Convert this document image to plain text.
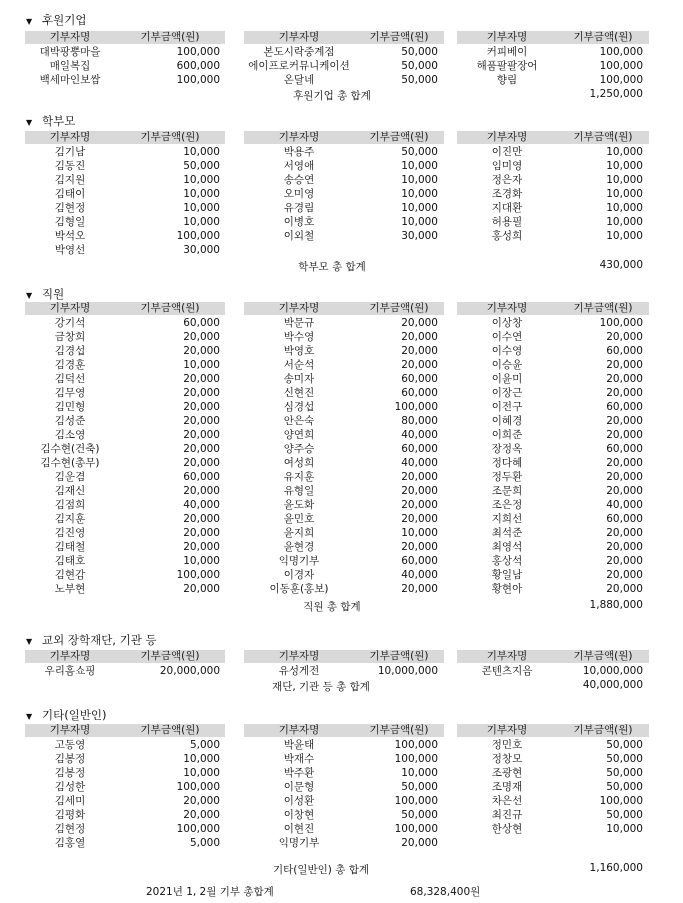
▼ 후원기업
기부자명	기부금액(원)
대박팡뿡마을	100,000
매일복집	600,000
백세마인보쌈	100,000
기부자명	기부금액(원)
본도시락중계점	50,000
에이프로커뮤니케이션	50,000
온달네	50,000
기부자명	기부금액(원)
커피베이	100,000
해품팔팔장어	100,000
향림	100,000
후원기업 총 합계	1,250,000
▼ 학부모
기부자명	기부금액(원)
김기남	10,000
김동진	50,000
김지원	10,000
김태이	10,000
김현정	10,000
김형일	10,000
박석오	100,000
박영선	30,000
기부자명	기부금액(원)
박용주	50,000
서영애	10,000
송승연	10,000
오미영	10,000
유경림	10,000
이병호	10,000
이외철	30,000
기부자명	기부금액(원)
이진만	10,000
임미영	10,000
정은자	10,000
조경화	10,000
지대환	10,000
허용필	10,000
홍성희	10,000
학부모 총 합계	430,000
▼ 직원
기부자명	기부금액(원)
강기석	60,000
금창희	20,000
김경섭	20,000
김경훈	10,000
김덕선	20,000
김무영	20,000
김민형	20,000
김성준	20,000
김소영	20,000
김수현(건축)	20,000
김수현(총무)	20,000
김운겸	60,000
김재신	20,000
김점희	40,000
김지훈	20,000
김진영	20,000
김태철	20,000
김태호	10,000
김현감	100,000
노부현	20,000
기부자명	기부금액(원)
박문규	20,000
박수영	20,000
박영호	20,000
서순석	20,000
송미자	60,000
신현진	60,000
심경섭	100,000
안은숙	80,000
양연희	40,000
양주승	60,000
여성희	40,000
유지훈	20,000
유형일	20,000
윤도화	20,000
윤민호	20,000
윤지희	10,000
윤현경	20,000
익명기부	60,000
이경자	40,000
이동훈(홍보)	20,000
기부자명	기부금액(원)
이상창	100,000
이수연	20,000
이수영	60,000
이승윤	20,000
이윤미	20,000
이장근	20,000
이전구	60,000
이혜경	20,000
이희준	20,000
장정옥	60,000
정다혜	20,000
정두환	20,000
조문희	20,000
조은정	40,000
지희선	60,000
최석준	20,000
최영석	20,000
홍상석	20,000
황일남	20,000
황현아	20,000
직원 총 합계	1,880,000
▼ 교외 장학재단, 기관 등
기부자명	기부금액(원)
우리홈쇼핑	20,000,000
기부자명	기부금액(원)
유성게전	10,000,000
기부자명	기부금액(원)
콘텐츠지음	10,000,000
재단, 기관 등 총 합계	40,000,000
▼ 기타(일반인)
기부자명	기부금액(원)
고동영	5,000
김봉정	10,000
김봉정	10,000
김성한	100,000
김세미	20,000
김평화	20,000
김현정	100,000
김홍열	5,000
기부자명	기부금액(원)
박윤태	100,000
박재수	100,000
박주환	10,000
이문형	50,000
이성환	100,000
이창현	50,000
이현진	100,000
익명기부	20,000
기부자명	기부금액(원)
정민호	50,000
정창모	50,000
조광현	50,000
조명재	50,000
차은선	100,000
최진규	50,000
한상현	10,000
기타(일반인) 총 합계	1,160,000
2021년 1, 2월 기부 총합계	68,328,400원
